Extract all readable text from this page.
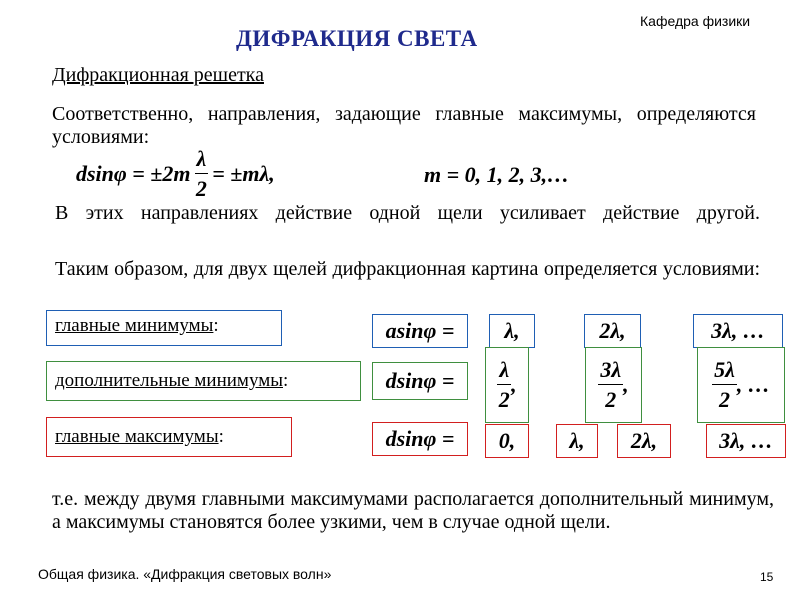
Кафедра физики
ДИФРАКЦИЯ СВЕТА
Дифракционная решетка
Соответственно, направления, задающие главные максимумы, определяются условиями:
$dsin\varphi = \pm 2m \frac{\lambda}{2} = \pm m\lambda$,	m = 0, 1, 2, 3,…
В этих направлениях действие одной щели усиливает действие другой.
Таким образом, для двух щелей дифракционная картина определяется условиями:
главные минимумы:	asinφ =	λ,	2λ,	3λ, …
дополнительные минимумы:	dsinφ =	$\frac{\lambda}{2}$ ,	$\frac{3\lambda}{2}$ ,	$\frac{5\lambda}{2}$ , …
главные максимумы:	dsinφ =	0,	λ,	2λ,	3λ, …
т.е. между двумя главными максимумами располагается дополнительный минимум, а максимумы становятся более узкими, чем в случае одной щели.
Общая физика. «Дифракция световых волн»	15
